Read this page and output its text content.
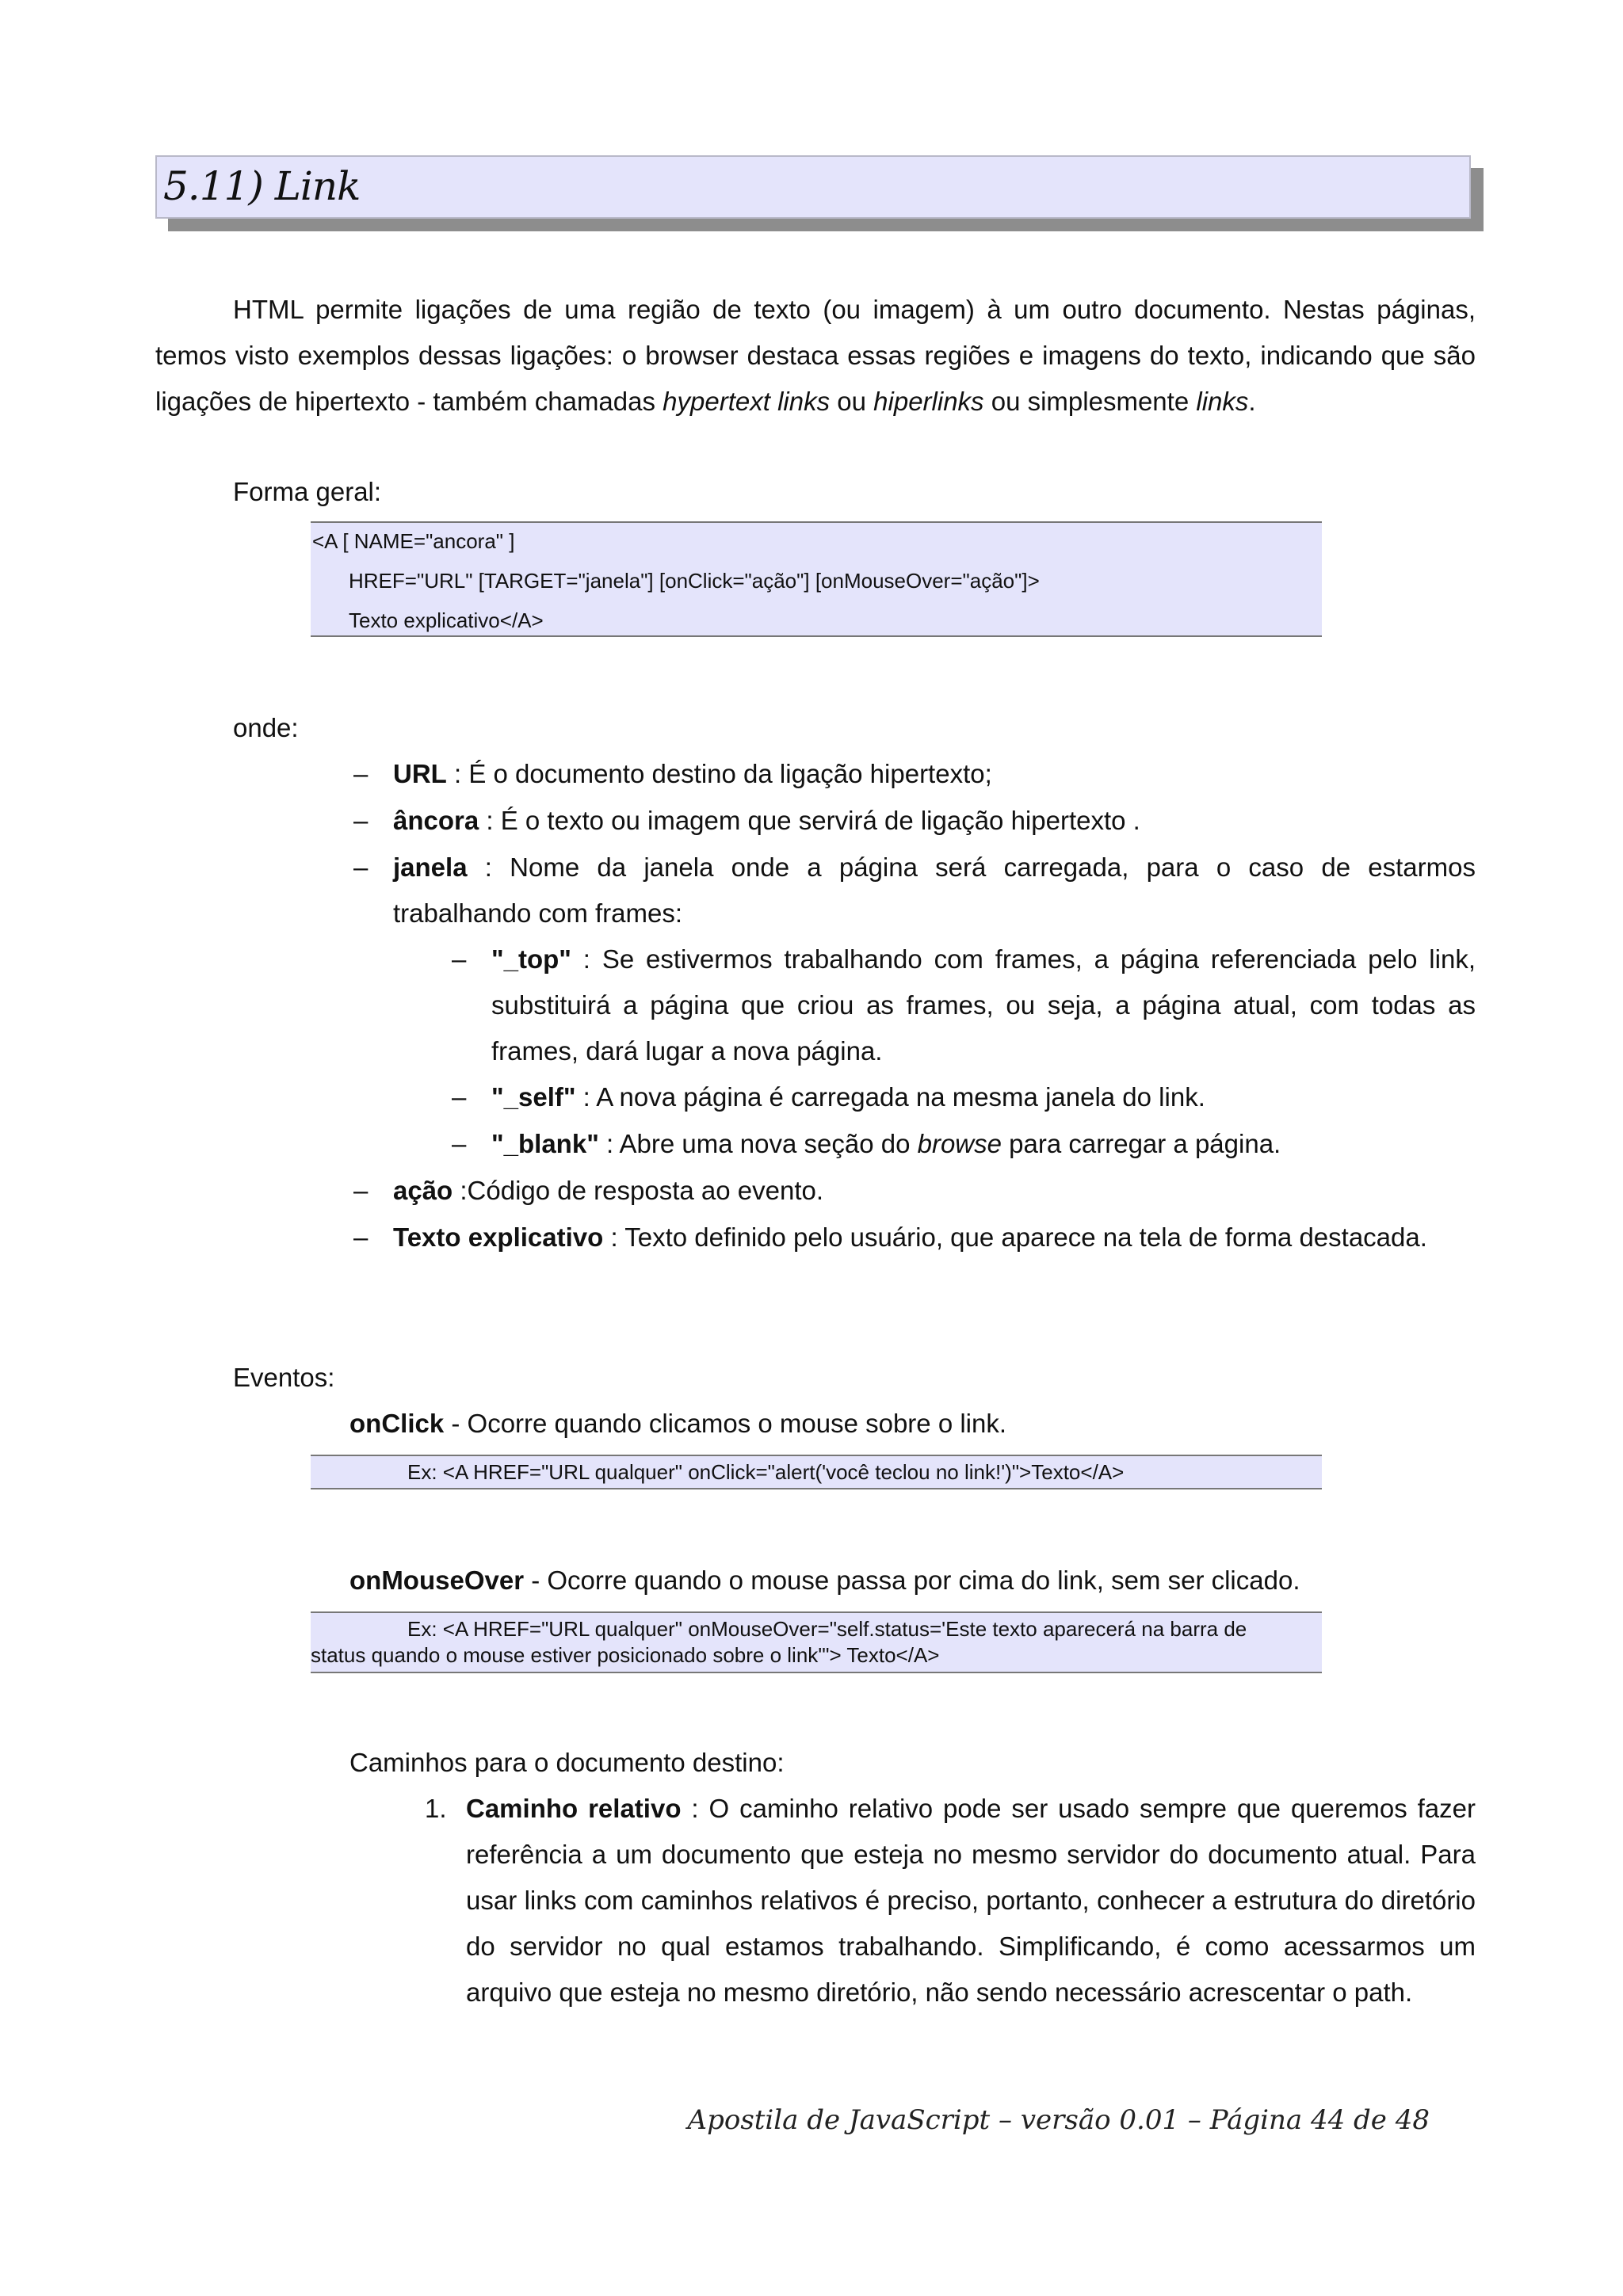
5.11) Link
HTML permite ligações de uma região de texto (ou imagem) à um outro documento. Nestas páginas, temos visto exemplos dessas ligações: o browser destaca essas regiões e imagens do texto, indicando que são ligações de hipertexto - também chamadas hypertext links ou hiperlinks ou simplesmente links.
Forma geral:
<A [ NAME="ancora" ]
HREF="URL" [TARGET="janela"] [onClick="ação"] [onMouseOver="ação"]>
Texto explicativo</A>
onde:
– URL : É o documento destino da ligação hipertexto;
– âncora : É o texto ou imagem que servirá de ligação hipertexto .
– janela : Nome da janela onde a página será carregada, para o caso de estarmos trabalhando com frames:
– "_top" : Se estivermos trabalhando com frames, a página referenciada pelo link, substituirá a página que criou as frames, ou seja, a página atual, com todas as frames, dará lugar a nova página.
– "_self" : A nova página é carregada na mesma janela do link.
– "_blank" : Abre uma nova seção do browse para carregar a página.
– ação :Código de resposta ao evento.
– Texto explicativo : Texto definido pelo usuário, que aparece na tela de forma destacada.
Eventos:
onClick - Ocorre quando clicamos o mouse sobre o link.
Ex: <A HREF="URL qualquer" onClick="alert('você teclou no link!')">Texto</A>
onMouseOver - Ocorre quando o mouse passa por cima do link, sem ser clicado.
Ex: <A HREF="URL qualquer" onMouseOver="self.status='Este texto aparecerá na barra de
status quando o mouse estiver posicionado sobre o link'"> Texto</A>
Caminhos para o documento destino:
1. Caminho relativo : O caminho relativo pode ser usado sempre que queremos fazer referência a um documento que esteja no mesmo servidor do documento atual. Para usar links com caminhos relativos é preciso, portanto, conhecer a estrutura do diretório do servidor no qual estamos trabalhando. Simplificando, é como acessarmos um arquivo que esteja no mesmo diretório, não sendo necessário acrescentar o path.
Apostila de JavaScript – versão 0.01 – Página 44 de 48
